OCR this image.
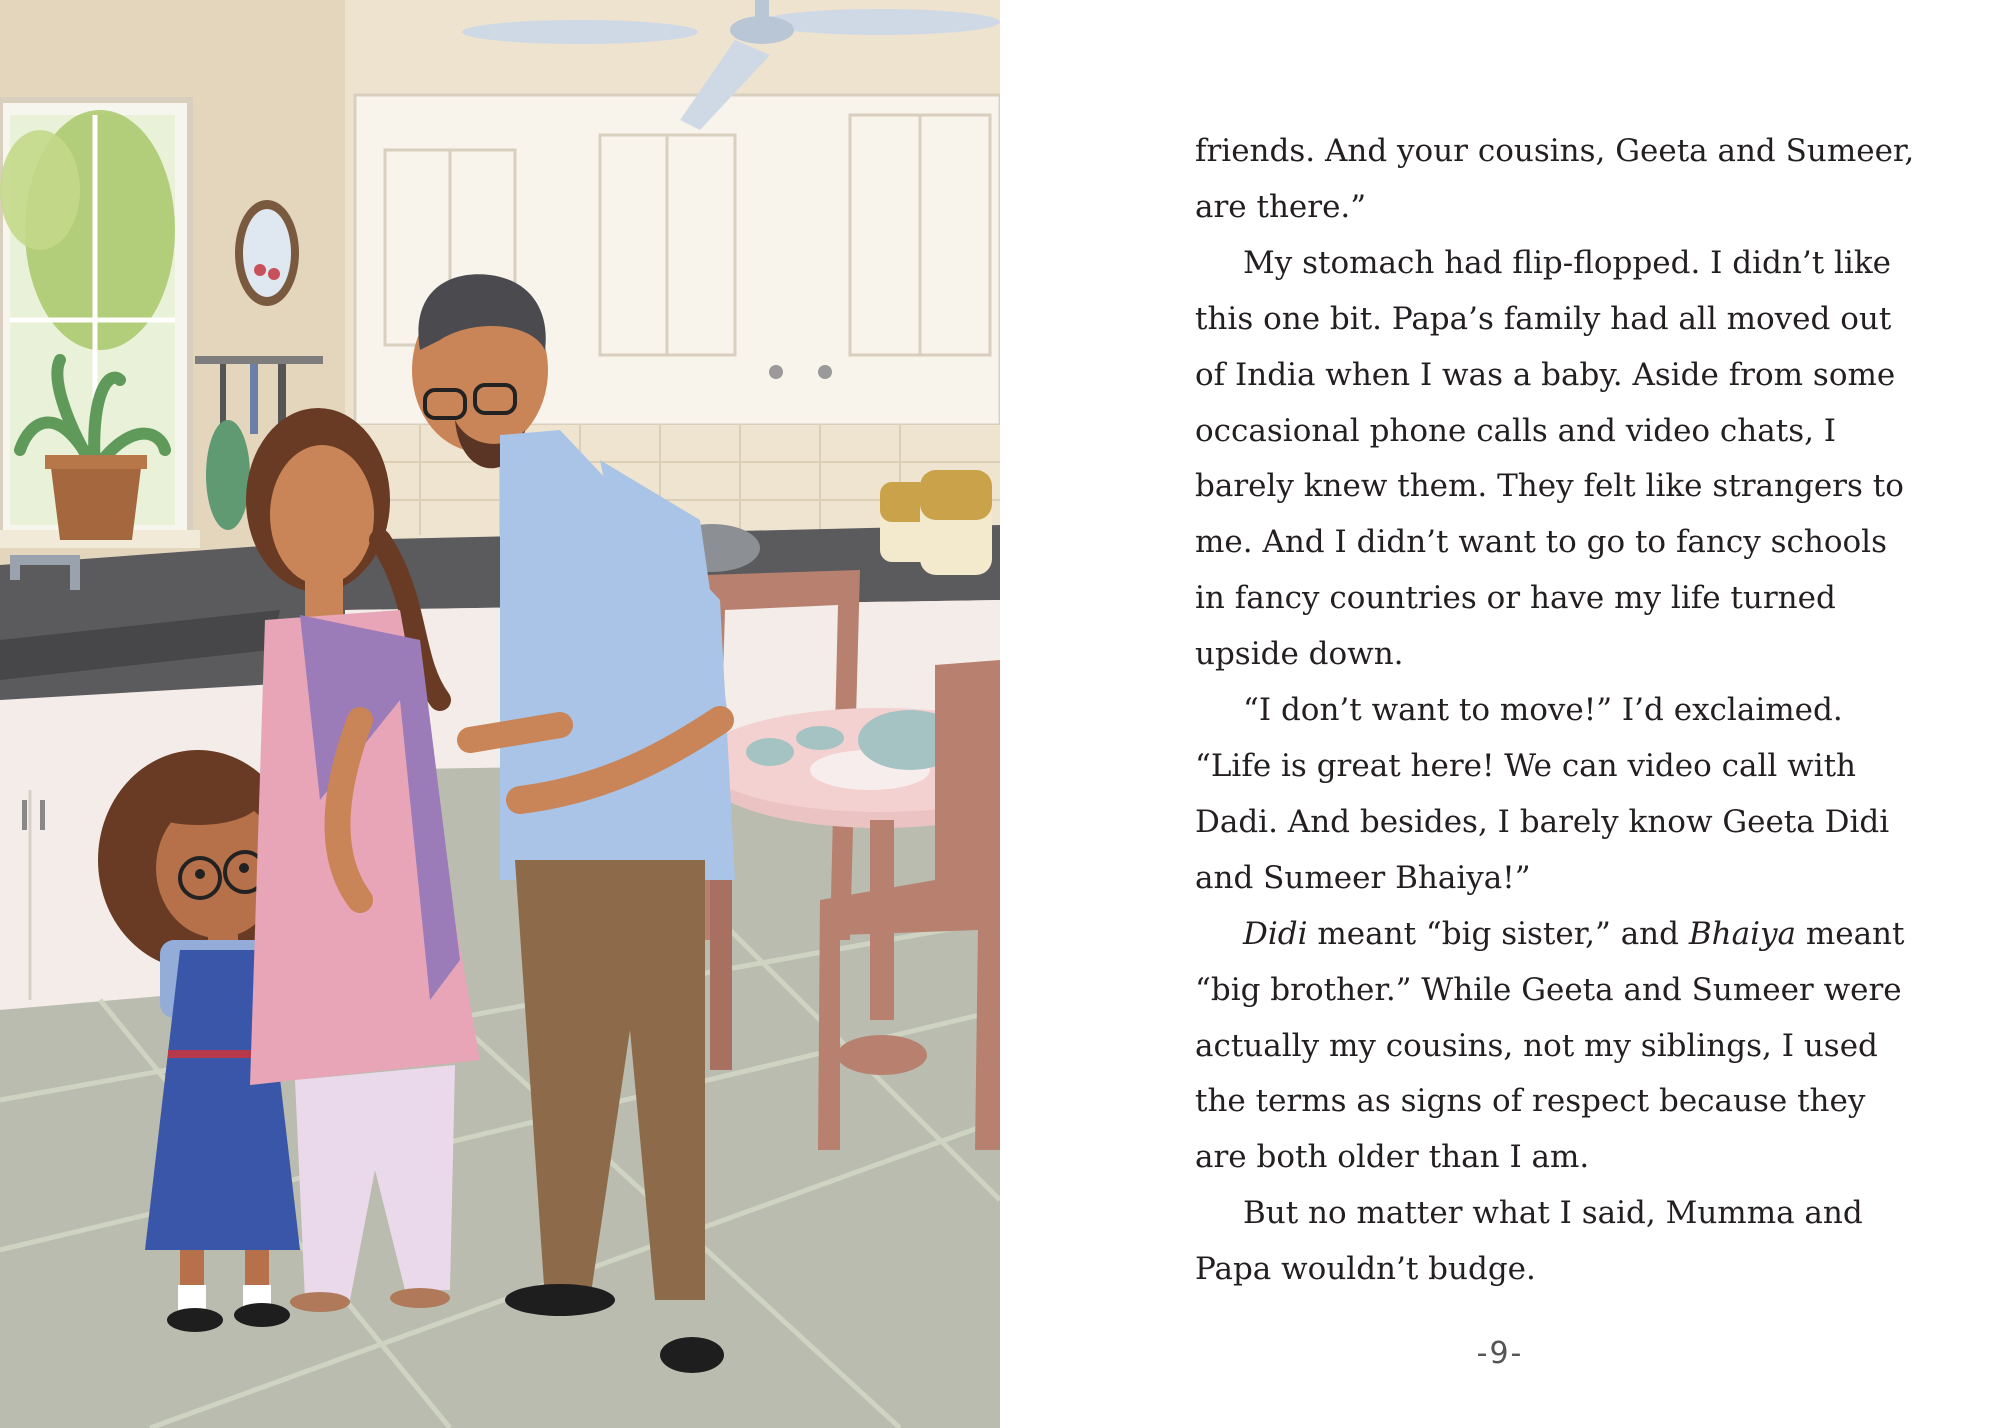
friends. And your cousins, Geeta and Sumeer, are there.”

My stomach had flip-flopped. I didn’t like this one bit. Papa’s family had all moved out of India when I was a baby. Aside from some occasional phone calls and video chats, I barely knew them. They felt like strangers to me. And I didn’t want to go to fancy schools in fancy countries or have my life turned upside down.

“I don’t want to move!” I’d exclaimed. “Life is great here! We can video call with Dadi. And besides, I barely know Geeta Didi and Sumeer Bhaiya!”

Didi meant “big sister,” and Bhaiya meant “big brother.” While Geeta and Sumeer were actually my cousins, not my siblings, I used the terms as signs of respect because they are both older than I am.

But no matter what I said, Mumma and Papa wouldn’t budge.

-9-
